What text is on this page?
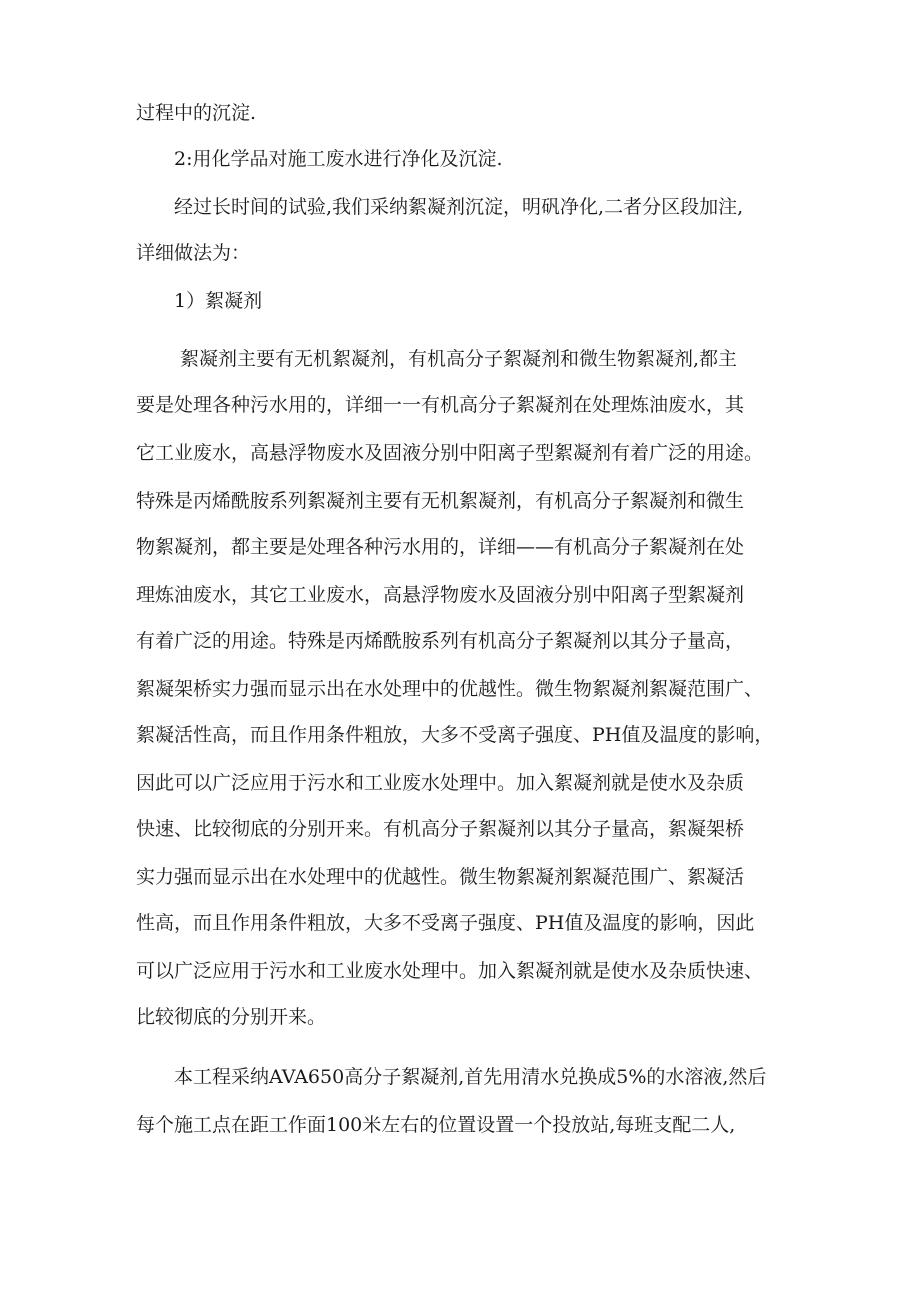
过程中的沉淀.
2:用化学品对施工废水进行净化及沉淀.
经过长时间的试验,我们采纳絮凝剂沉淀，明矾净化,二者分区段加注,
详细做法为：
1）絮凝剂
絮凝剂主要有无机絮凝剂，有机高分子絮凝剂和微生物絮凝剂,都主
要是处理各种污水用的，详细一一有机高分子絮凝剂在处理炼油废水，其
它工业废水，高悬浮物废水及固液分别中阳离子型絮凝剂有着广泛的用途。
特殊是丙烯酰胺系列絮凝剂主要有无机絮凝剂，有机高分子絮凝剂和微生
物絮凝剂，都主要是处理各种污水用的，详细——有机高分子絮凝剂在处
理炼油废水，其它工业废水，高悬浮物废水及固液分别中阳离子型絮凝剂
有着广泛的用途。特殊是丙烯酰胺系列有机高分子絮凝剂以其分子量高，
絮凝架桥实力强而显示出在水处理中的优越性。微生物絮凝剂絮凝范围广、
絮凝活性高，而且作用条件粗放，大多不受离子强度、PH值及温度的影响，
因此可以广泛应用于污水和工业废水处理中。加入絮凝剂就是使水及杂质
快速、比较彻底的分别开来。有机高分子絮凝剂以其分子量高，絮凝架桥
实力强而显示出在水处理中的优越性。微生物絮凝剂絮凝范围广、絮凝活
性高，而且作用条件粗放，大多不受离子强度、PH值及温度的影响，因此
可以广泛应用于污水和工业废水处理中。加入絮凝剂就是使水及杂质快速、
比较彻底的分别开来。
本工程采纳AVA650高分子絮凝剂,首先用清水兑换成5%的水溶液,然后
每个施工点在距工作面100米左右的位置设置一个投放站,每班支配二人,
